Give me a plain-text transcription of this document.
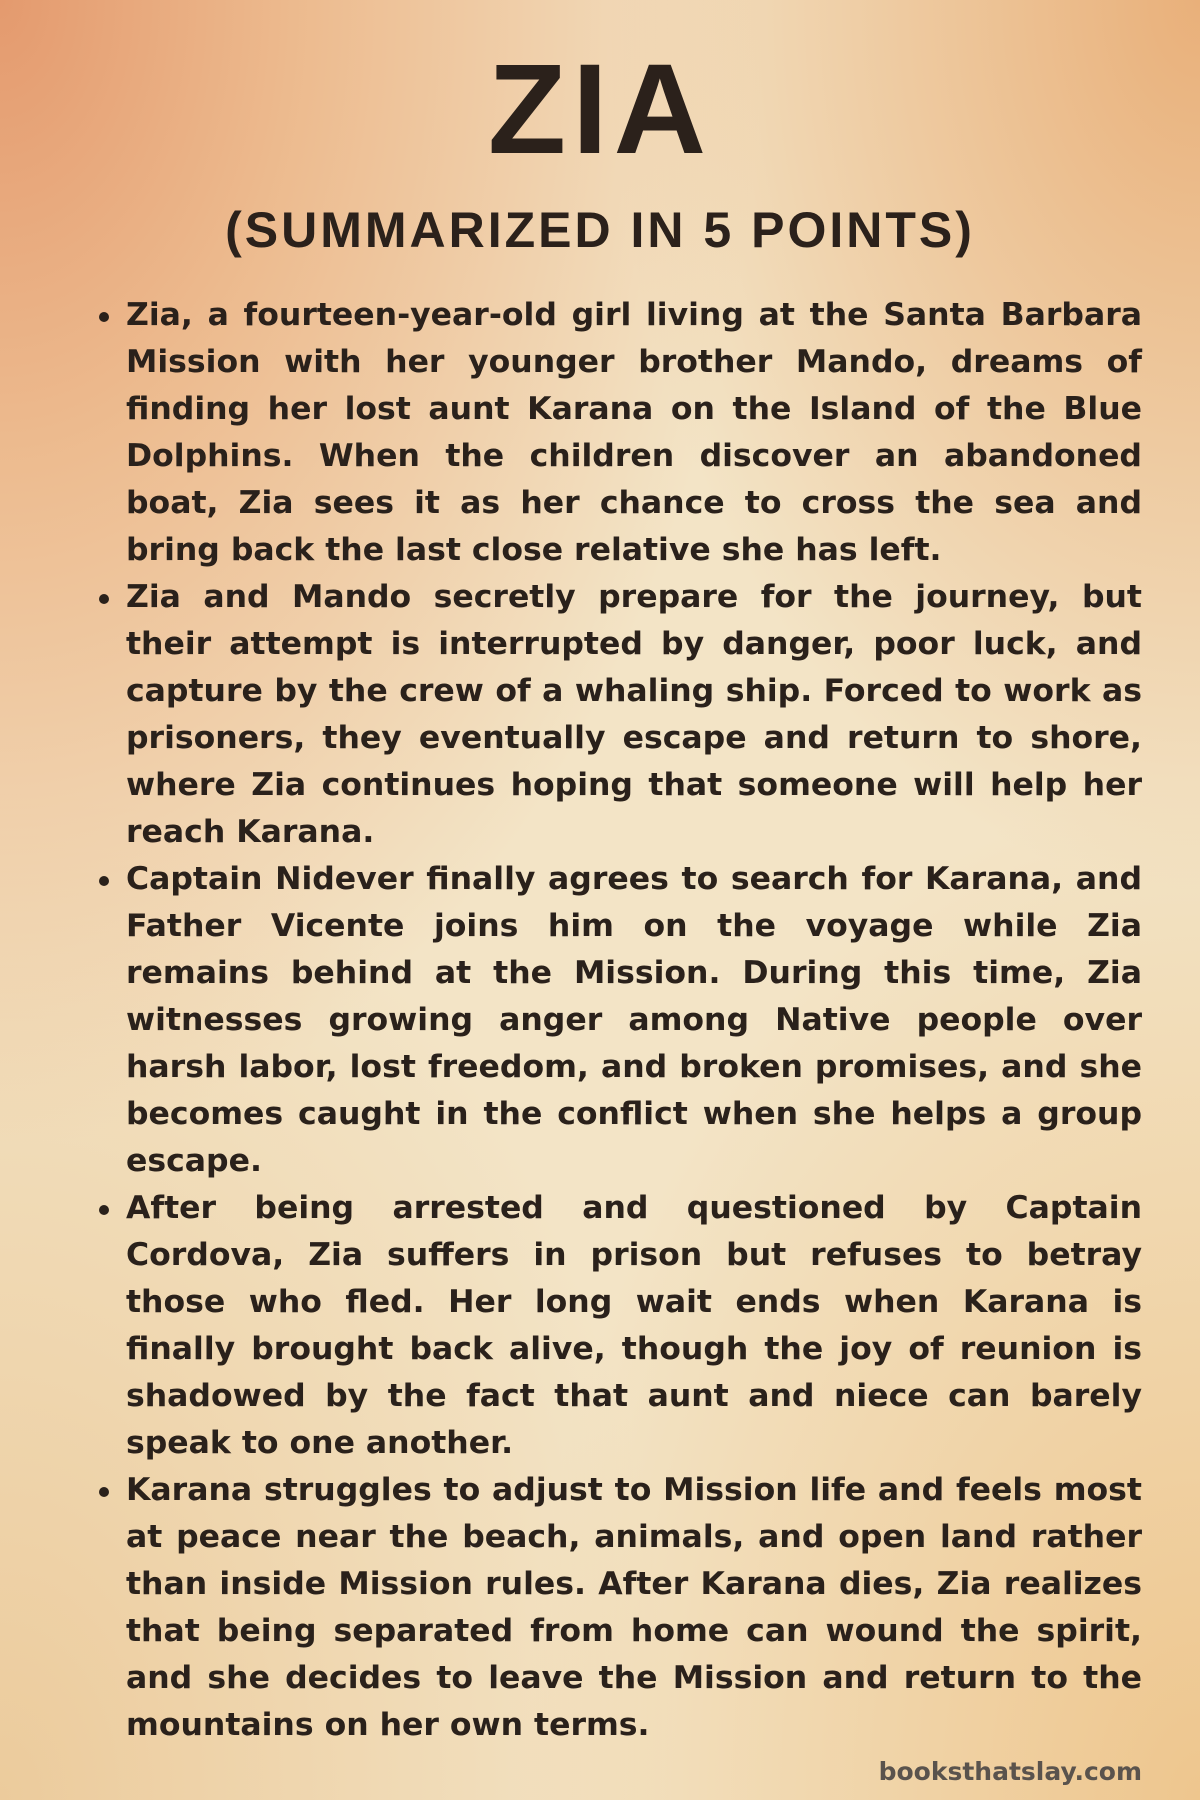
ZIA
(SUMMARIZED IN 5 POINTS)
Zia, a fourteen-year-old girl living at the Santa Barbara Mission with her younger brother Mando, dreams of finding her lost aunt Karana on the Island of the Blue Dolphins. When the children discover an abandoned boat, Zia sees it as her chance to cross the sea and bring back the last close relative she has left.
Zia and Mando secretly prepare for the journey, but their attempt is interrupted by danger, poor luck, and capture by the crew of a whaling ship. Forced to work as prisoners, they eventually escape and return to shore, where Zia continues hoping that someone will help her reach Karana.
Captain Nidever finally agrees to search for Karana, and Father Vicente joins him on the voyage while Zia remains behind at the Mission. During this time, Zia witnesses growing anger among Native people over harsh labor, lost freedom, and broken promises, and she becomes caught in the conflict when she helps a group escape.
After being arrested and questioned by Captain Cordova, Zia suffers in prison but refuses to betray those who fled. Her long wait ends when Karana is finally brought back alive, though the joy of reunion is shadowed by the fact that aunt and niece can barely speak to one another.
Karana struggles to adjust to Mission life and feels most at peace near the beach, animals, and open land rather than inside Mission rules. After Karana dies, Zia realizes that being separated from home can wound the spirit, and she decides to leave the Mission and return to the mountains on her own terms.
booksthatslay.com
